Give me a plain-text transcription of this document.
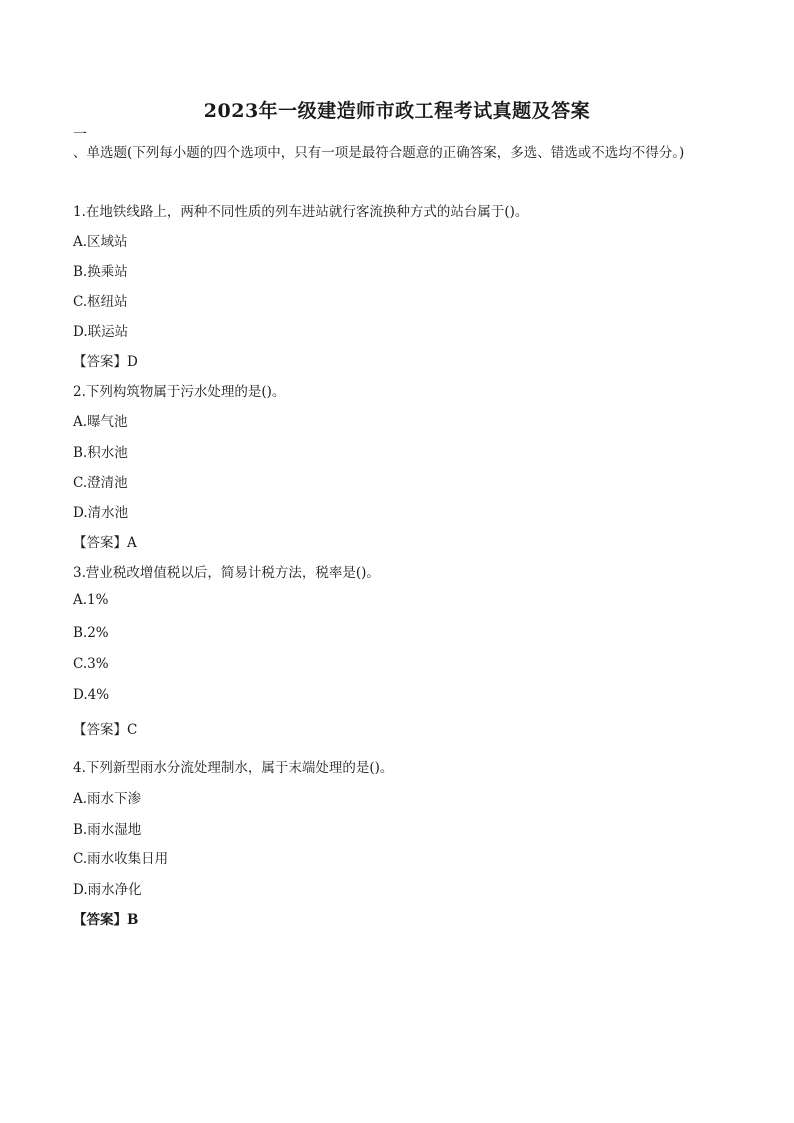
2023年一级建造师市政工程考试真题及答案
一
、单选题(下列每小题的四个选项中，只有一项是最符合题意的正确答案，多选、错选或不选均不得分。)
1.在地铁线路上，两种不同性质的列车进站就行客流换种方式的站台属于()。
A.区域站
B.换乘站
C.枢纽站
D.联运站
【答案】D
2.下列构筑物属于污水处理的是()。
A.曝气池
B.积水池
C.澄清池
D.清水池
【答案】A
3.营业税改增值税以后，简易计税方法，税率是()。
A.1%
B.2%
C.3%
D.4%
【答案】C
4.下列新型雨水分流处理制水，属于末端处理的是()。
A.雨水下渗
B.雨水湿地
C.雨水收集日用
D.雨水净化
【答案】B
